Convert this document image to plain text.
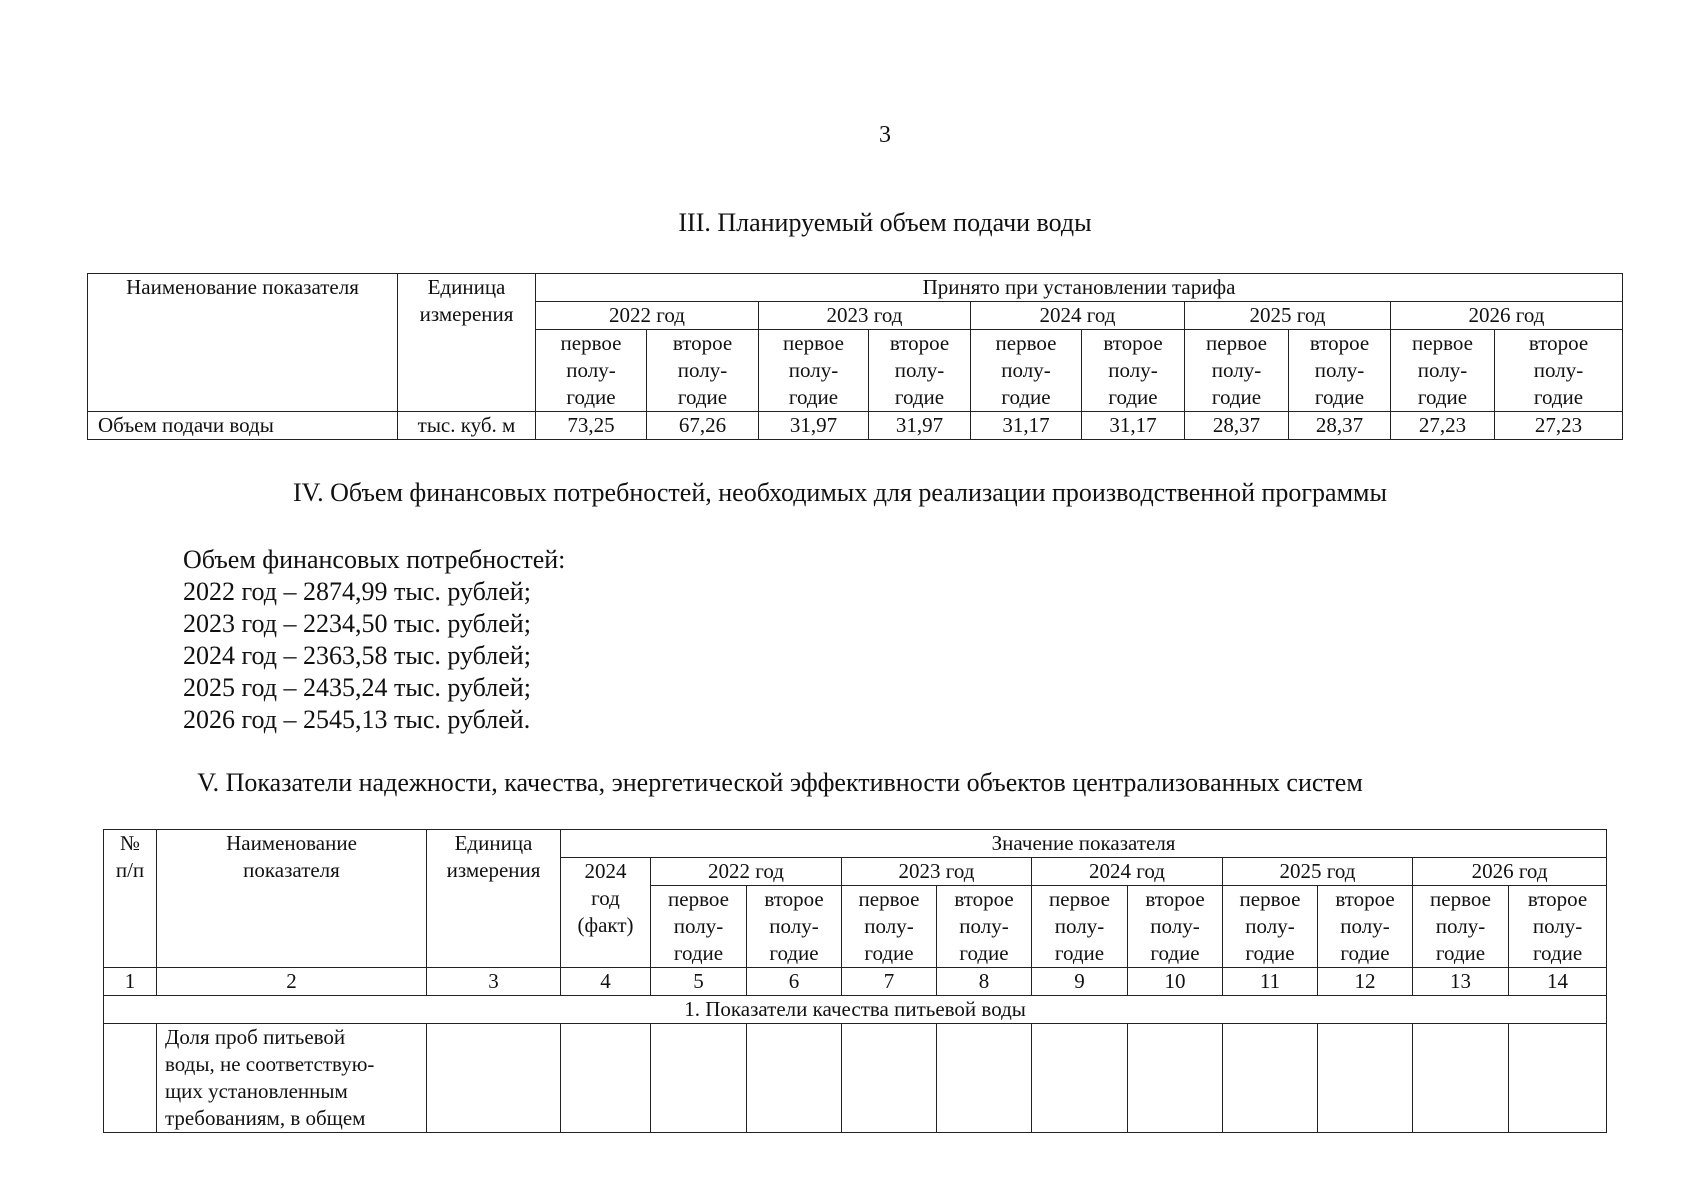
3
III. Планируемый объем подачи воды
Наименование показателя	Единица
измерения	Принято при установлении тарифа									
		2022 год		2023 год		2024 год		2025 год		2026 год	

		первое
полу-
годие	второе
полу-
годие	первое
полу-
годие	второе
полу-
годие	первое
полу-
годие	второе
полу-
годие	первое
полу-
годие	второе
полу-
годие	первое
полу-
годие	второе
полу-
годие

Объем подачи воды	тыс. куб. м	73,25	67,26	31,97	31,97	31,17	31,17	28,37	28,37	27,23	27,23
IV. Объем финансовых потребностей, необходимых для реализации производственной программы
Объем финансовых потребностей:
2022 год – 2874,99 тыс. рублей;
2023 год – 2234,50 тыс. рублей;
2024 год – 2363,58 тыс. рублей;
2025 год – 2435,24 тыс. рублей;
2026 год – 2545,13 тыс. рублей.
V. Показатели надежности, качества, энергетической эффективности объектов централизованных систем
№
п/п	Наименование
показателя	Единица
измерения	Значение показателя										

			2024
год
(факт)	2022 год		2023 год		2024 год		2025 год		2026 год	

				первое
полу-
годие	второе
полу-
годие	первое
полу-
годие	второе
полу-
годие	первое
полу-
годие	второе
полу-
годие	первое
полу-
годие	второе
полу-
годие	первое
полу-
годие	второе
полу-
годие

1	2	3	4	5	6	7	8	9	10	11	12	13	14
1. Показатели качества питьевой воды													

	Доля проб питьевой
воды, не соответствую-
щих установленным
требованиям, в общем												
